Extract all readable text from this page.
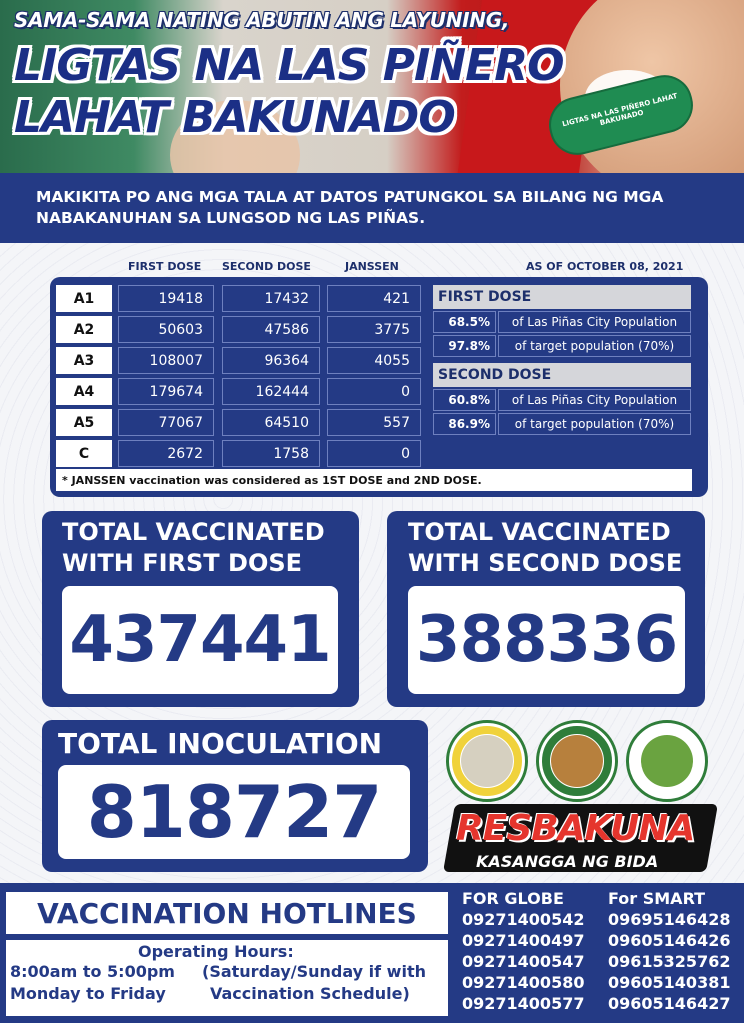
LIGTAS NA LAS PIÑERO LAHAT BAKUNADO
SAMA-SAMA NATING ABUTIN ANG LAYUNING,
LIGTAS NA LAS PIÑERO
LAHAT BAKUNADO
MAKIKITA PO ANG MGA TALA AT DATOS PATUNGKOL SA BILANG NG MGA NABAKANUHAN SA LUNGSOD NG LAS PIÑAS.
FIRST DOSE SECOND DOSE	JANSSEN	AS OF OCTOBER 08, 2021
A1	19418	17432	421
A2	50603	47586	3775
A3	108007	96364	4055
A4	179674	162444	0
A5	77067	64510	557
C	2672	1758	0
* JANSSEN vaccination was considered as 1ST DOSE and 2ND DOSE.
FIRST DOSE
68.5%	of Las Piñas City Population
97.8%	of target population (70%)
SECOND DOSE
60.8%	of Las Piñas City Population
86.9%	of target population (70%)
TOTAL VACCINATED
WITH FIRST DOSE
437441
TOTAL VACCINATED
WITH SECOND DOSE
388336
TOTAL INOCULATION
818727	RESBAKUNA
KASANGGA NG BIDA
VACCINATION HOTLINES
Operating Hours:
8:00am to 5:00pm
Monday to Friday
(Saturday/Sunday if with
Vaccination Schedule)
FOR GLOBE
09271400542
09271400497
09271400547
09271400580
09271400577
For SMART
09695146428
09605146426
09615325762
09605140381
09605146427
